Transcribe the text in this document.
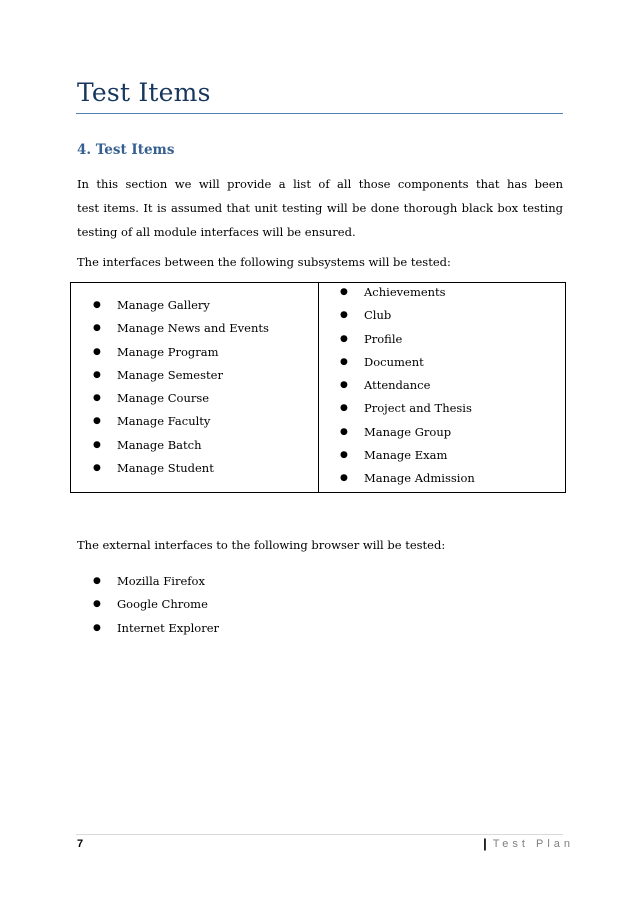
Test Items
4. Test Items
In this section we will provide a list of all those components that has been
test items. It is assumed that unit testing will be done thorough black box testing
testing of all module interfaces will be ensured.
The interfaces between the following subsystems will be tested:
● Manage Gallery
● Manage News and Events
● Manage Program
● Manage Semester
● Manage Course
● Manage Faculty
● Manage Batch
● Manage Student
● Achievements
● Club
● Profile
● Document
● Attendance
● Project and Thesis
● Manage Group
● Manage Exam
● Manage Admission
The external interfaces to the following browser will be tested:
● Mozilla Firefox
● Google Chrome
● Internet Explorer
7	| Test Plan
